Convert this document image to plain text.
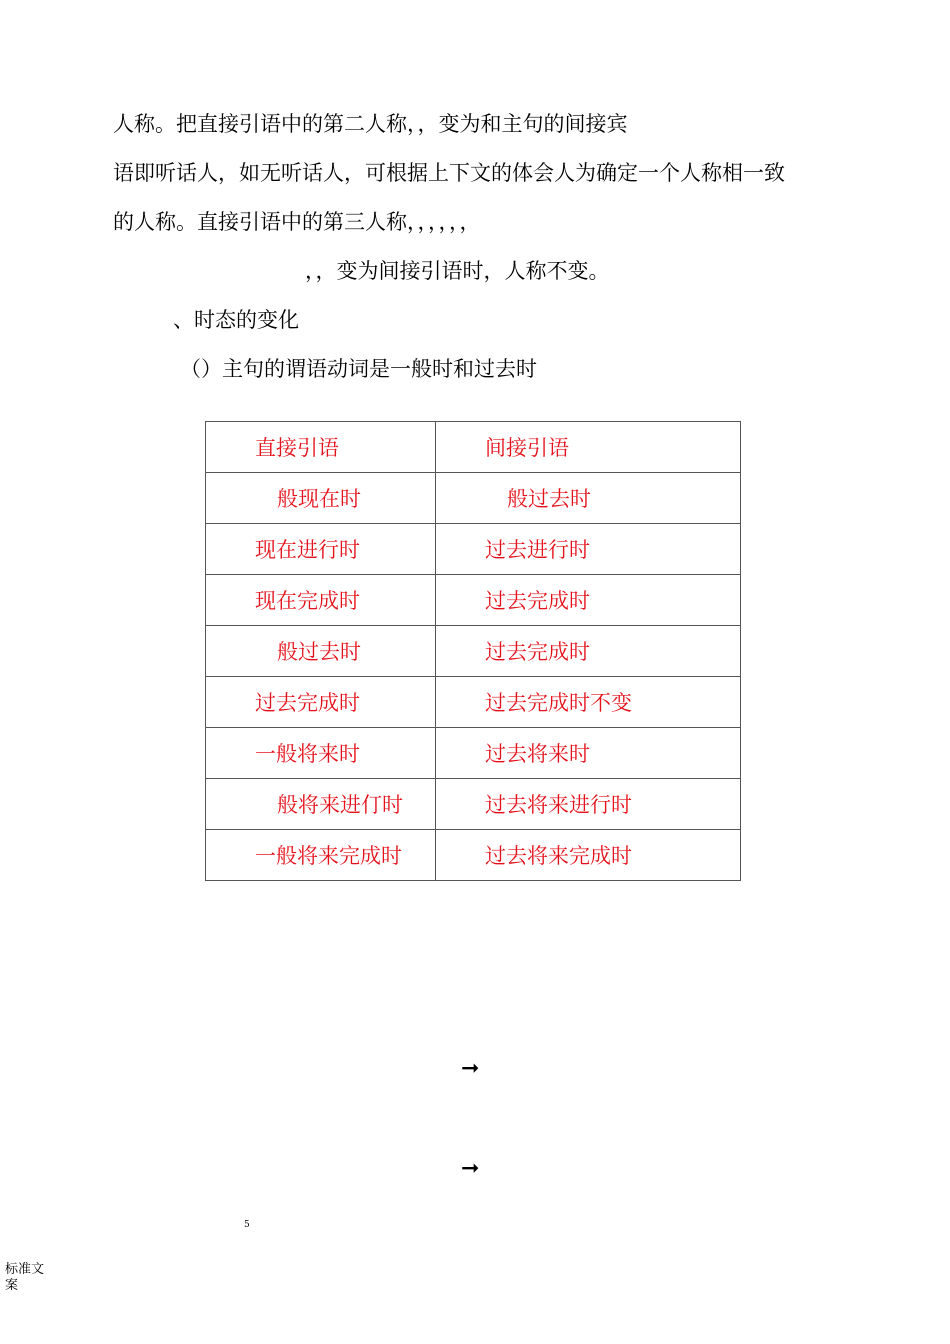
人称。把直接引语中的第二人称，，变为和主句的间接宾
语即听话人，如无听话人，可根据上下文的体会人为确定一个人称相一致
的人称。直接引语中的第三人称，，，，，，
，，变为间接引语时，人称不变。
、时态的变化
（）主句的谓语动词是一般时和过去时
直接引语	间接引语
般现在时	般过去时
现在进行时	过去进行时
现在完成时	过去完成时
般过去时	过去完成时
过去完成时	过去完成时不变
一般将来时	过去将来时
般将来进仃时	过去将来进行时
一般将来完成时	过去将来完成时
➞
➞
5
标准文案
